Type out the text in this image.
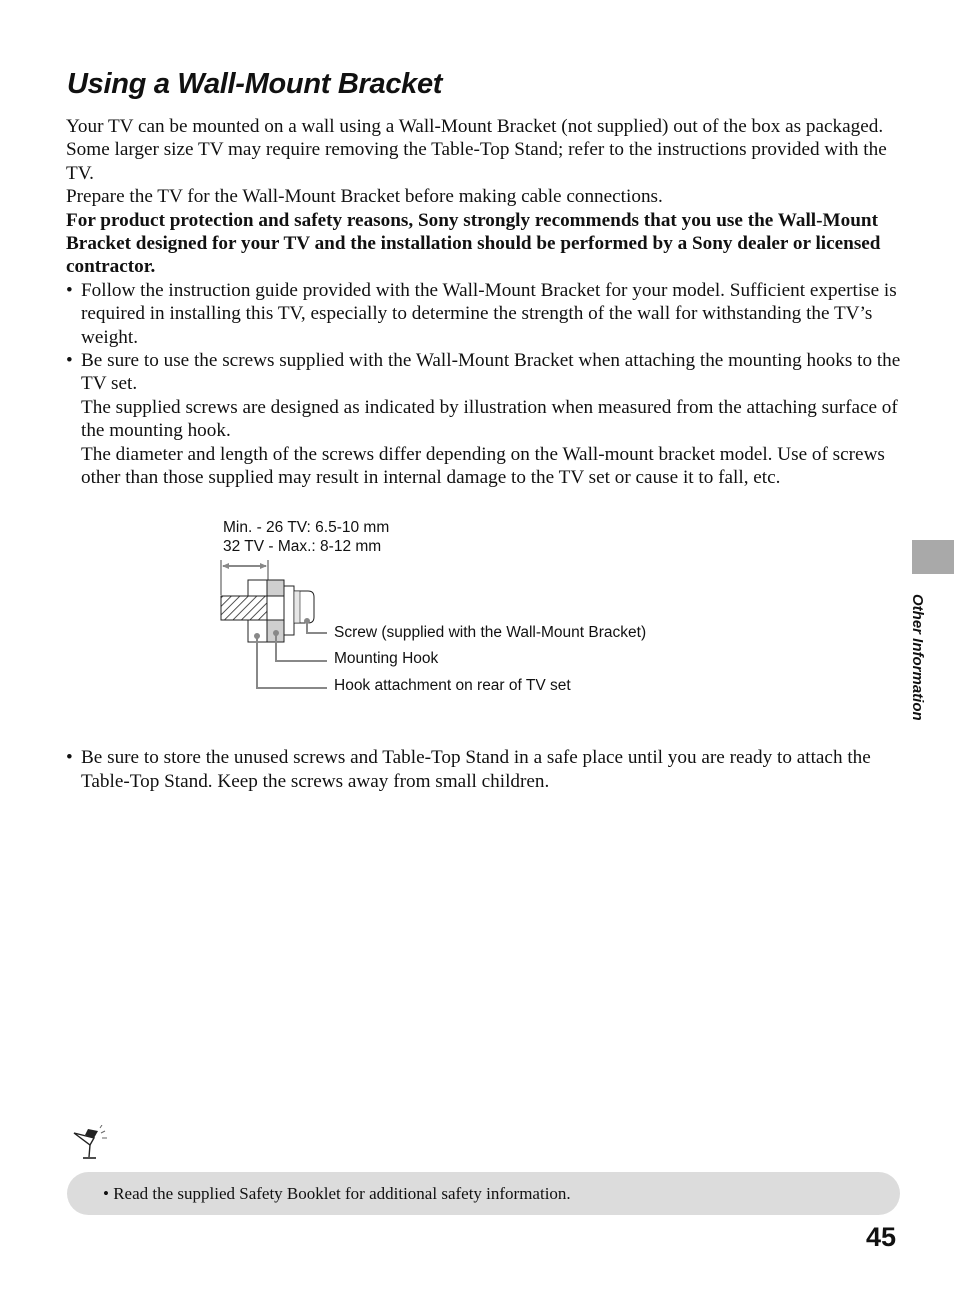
Using a Wall-Mount Bracket

Your TV can be mounted on a wall using a Wall-Mount Bracket (not supplied) out of the box as packaged. Some larger size TV may require removing the Table-Top Stand; refer to the instructions provided with the TV.

Prepare the TV for the Wall-Mount Bracket before making cable connections.

For product protection and safety reasons, Sony strongly recommends that you use the Wall-Mount Bracket designed for your TV and the installation should be performed by a Sony dealer or licensed contractor.

• Follow the instruction guide provided with the Wall-Mount Bracket for your model. Sufficient expertise is required in installing this TV, especially to determine the strength of the wall for withstanding the TV’s weight.

• Be sure to use the screws supplied with the Wall-Mount Bracket when attaching the mounting hooks to the TV set.

The supplied screws are designed as indicated by illustration when measured from the attaching surface of the mounting hook.

The diameter and length of the screws differ depending on the Wall-mount bracket model. Use of screws other than those supplied may result in internal damage to the TV set or cause it to fall, etc.

Min. - 26 TV: 6.5-10 mm
32 TV - Max.: 8-12 mm
Screw (supplied with the Wall-Mount Bracket)
Mounting Hook
Hook attachment on rear of TV set
• Be sure to store the unused screws and Table-Top Stand in a safe place until you are ready to attach the Table-Top Stand. Keep the screws away from small children.

Other Information
• Read the supplied Safety Booklet for additional safety information.
45
